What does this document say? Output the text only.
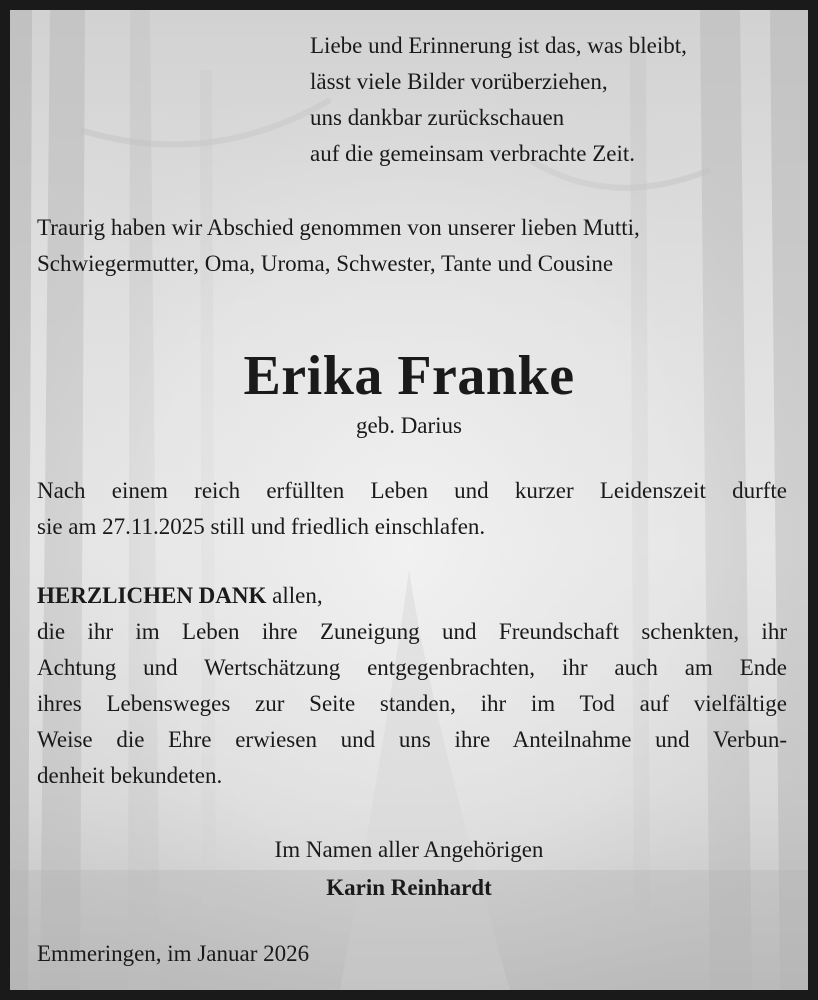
Liebe und Erinnerung ist das, was bleibt,
lässt viele Bilder vorüberziehen,
uns dankbar zurückschauen
auf die gemeinsam verbrachte Zeit.
Traurig haben wir Abschied genommen von unserer lieben Mutti,
Schwiegermutter, Oma, Uroma, Schwester, Tante und Cousine
Erika Franke
geb. Darius
Nach einem reich erfüllten Leben und kurzer Leidenszeit durfte
sie am 27.11.2025 still und friedlich einschlafen.
HERZLICHEN DANK allen,
die ihr im Leben ihre Zuneigung und Freundschaft schenkten, ihr
Achtung und Wertschätzung entgegenbrachten, ihr auch am Ende
ihres Lebensweges zur Seite standen, ihr im Tod auf vielfältige
Weise die Ehre erwiesen und uns ihre Anteilnahme und Verbun-
denheit bekundeten.
Im Namen aller Angehörigen
Karin Reinhardt
Emmeringen, im Januar 2026
